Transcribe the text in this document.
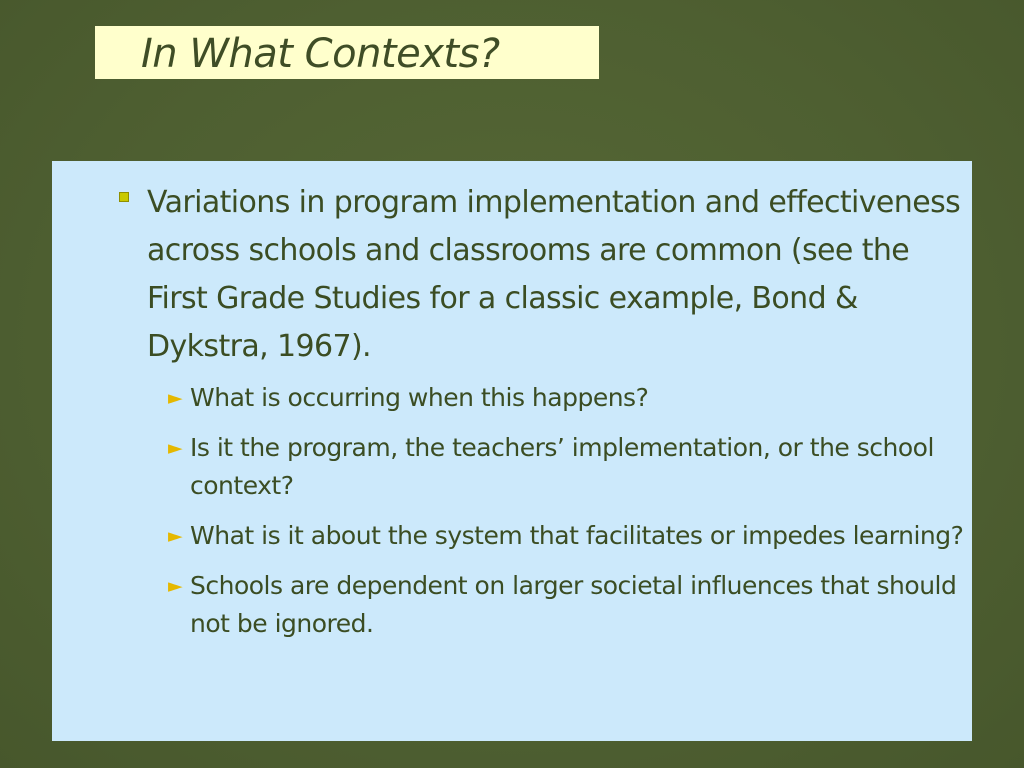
In What Contexts?
Variations in program implementation and effectiveness across schools and classrooms are common (see the First Grade Studies for a classic example, Bond & Dykstra, 1967).
► What is occurring when this happens?
► Is it the program, the teachers’ implementation, or the school context?
► What is it about the system that facilitates or impedes learning?
► Schools are dependent on larger societal influences that should not be ignored.
